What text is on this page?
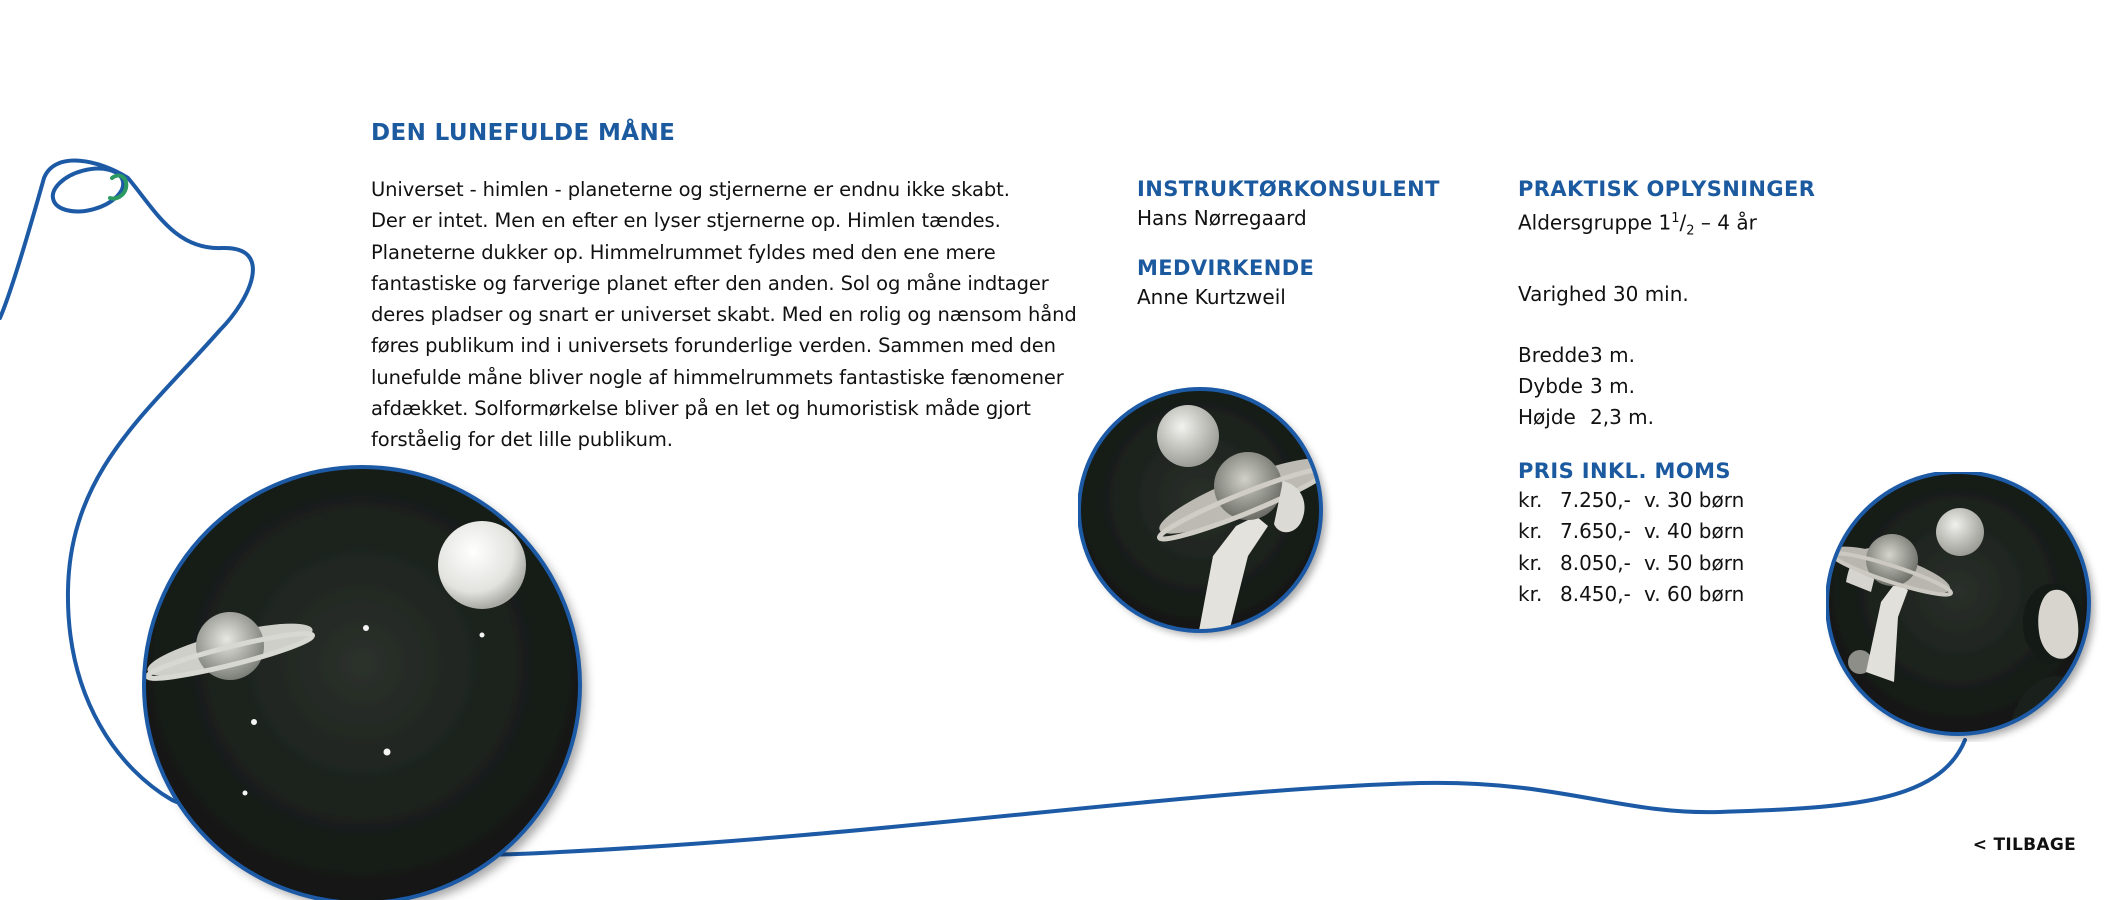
DEN LUNEFULDE MÅNE
Universet - himlen - planeterne og stjernerne er endnu ikke skabt.
Der er intet. Men en efter en lyser stjernerne op. Himlen tændes.
Planeterne dukker op. Himmelrummet fyldes med den ene mere
fantastiske og farverige planet efter den anden. Sol og måne indtager
deres pladser og snart er universet skabt. Med en rolig og nænsom hånd
føres publikum ind i universets forunderlige verden. Sammen med den
lunefulde måne bliver nogle af himmelrummets fantastiske fænomener
afdækket. Solformørkelse bliver på en let og humoristisk måde gjort
forståelig for det lille publikum.
INSTRUKTØRKONSULENT
Hans Nørregaard
MEDVIRKENDE
Anne Kurtzweil
PRAKTISK OPLYSNINGER
Aldersgruppe $1^1/_2 - 4$ år
Varighed 30 min.
Bredde 3 m.
Dybde 3 m.
Højde 2,3 m.
PRIS INKL. MOMS
kr. 7.250,- v. 30 børn
kr. 7.650,- v. 40 børn
kr. 8.050,- v. 50 børn
kr. 8.450,- v. 60 børn
< TILBAGE
